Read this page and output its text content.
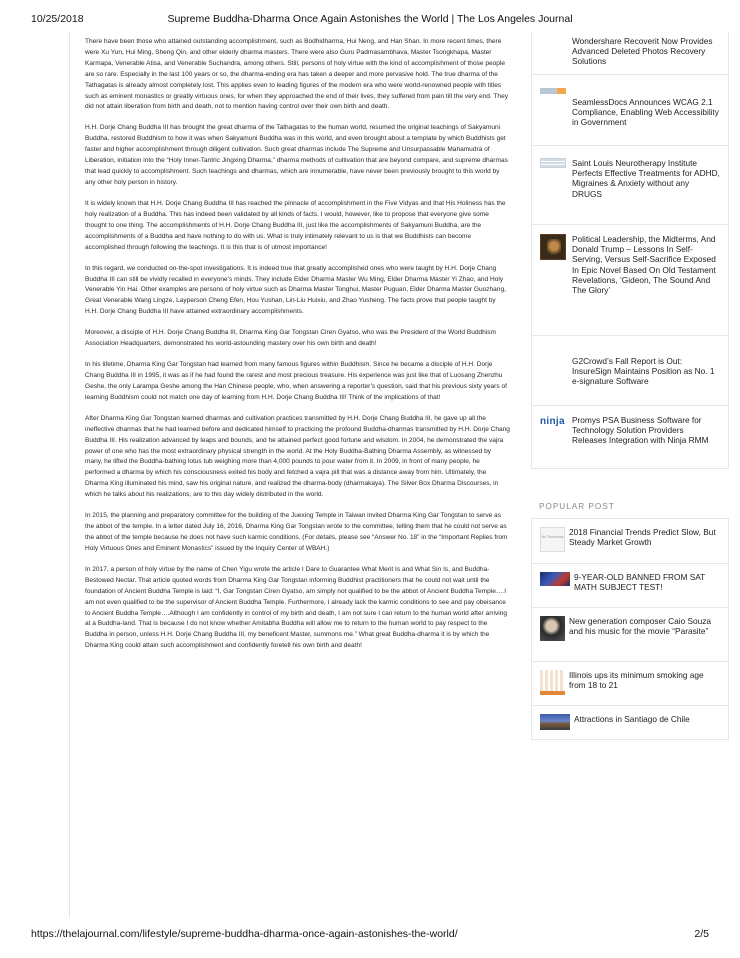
10/25/2018	Supreme Buddha-Dharma Once Again Astonishes the World | The Los Angeles Journal

There have been those who attained outstanding accomplishment, such as Bodhidharma, Hui Neng, and Han Shan. In more recent times, there were Xu Yun, Hui Ming, Sheng Qin, and other elderly dharma masters. There were also Guru Padmasambhava, Master Tsongkhapa, Master Karmapa, Venerable Atisa, and Venerable Suchandra, among others. Still, persons of holy virtue with the kind of accomplishment of those people are so rare. Especially in the last 100 years or so, the dharma-ending era has taken a deeper and more pervasive hold. The true dharma of the Tathagatas is already almost completely lost. This applies even to leading figures of the modern era who were world-renowned people with titles such as eminent monastics or greatly virtuous ones, for when they approached the end of their lives, they suffered from pain till the very end. They did not attain liberation from birth and death, not to mention having control over their own birth and death.

H.H. Dorje Chang Buddha III has brought the great dharma of the Tathagatas to the human world, resumed the original teachings of Sakyamuni Buddha, restored Buddhism to how it was when Sakyamuni Buddha was in this world, and even brought about a template by which Buddhists get faster and higher accomplishment through diligent cultivation. Such great dharmas include The Supreme and Unsurpassable Mahamudra of Liberation, initiation into the “Holy Inner-Tantric Jingxing Dharma,” dharma methods of cultivation that are beyond compare, and supreme dharmas that lead quickly to accomplishment. Such teachings and dharmas, which are innumerable, have never been previously brought to this world by any other holy person in history.

It is widely known that H.H. Dorje Chang Buddha III has reached the pinnacle of accomplishment in the Five Vidyas and that His Holiness has the holy realization of a Buddha. This has indeed been validated by all kinds of facts. I would, however, like to propose that everyone give some thought to one thing. The accomplishments of H.H. Dorje Chang Buddha III, just like the accomplishments of Sakyamuni Buddha, are the accomplishments of a Buddha and have nothing to do with us. What is truly intimately relevant to us is that we Buddhists can become accomplished through following the teachings. It is this that is of utmost importance!

In this regard, we conducted on-the-spot investigations. It is indeed true that greatly accomplished ones who were taught by H.H. Dorje Chang Buddha III can still be vividly recalled in everyone’s minds. They include Elder Dharma Master Wu Ming, Elder Dharma Master Yi Zhao, and Holy Venerable Yin Hai. Other examples are persons of holy virtue such as Dharma Master Tonghui, Master Puguan, Elder Dharma Master Guozhang, Great Venerable Wang Lingze, Layperson Cheng Efen, Hou Yushan, Lin-Liu Huixiu, and Zhao Yusheng. The facts prove that people taught by H.H. Dorje Chang Buddha III have attained extraordinary accomplishments.

Moreover, a disciple of H.H. Dorje Chang Buddha III, Dharma King Gar Tongstan Ciren Gyatso, who was the President of the World Buddhism Association Headquarters, demonstrated his world-astounding mastery over his own birth and death!

In his lifetime, Dharma King Gar Tongstan had learned from many famous figures within Buddhism. Since he became a disciple of H.H. Dorje Chang Buddha III in 1995, it was as if he had found the rarest and most precious treasure. His experience was just like that of Luosang Zhenzhu Geshe, the only Larampa Geshe among the Han Chinese people, who, when answering a reporter’s question, said that his previous sixty years of learning Buddhism could not match one day of learning from H.H. Dorje Chang Buddha III! Think of the implications of that!

After Dharma King Gar Tongstan learned dharmas and cultivation practices transmitted by H.H. Dorje Chang Buddha III, he gave up all the ineffective dharmas that he had learned before and dedicated himself to practicing the profound Buddha-dharmas transmitted by H.H. Dorje Chang Buddha III. His realization advanced by leaps and bounds, and he attained perfect good fortune and wisdom. In 2004, he demonstrated the vajra power of one who has the most extraordinary physical strength in the world. At the Holy Buddha-Bathing Dharma Assembly, as witnessed by many, he lifted the Buddha-bathing lotus tub weighing more than 4,000 pounds to pour water from it. In 2009, in front of many people, he performed a dharma by which his consciousness exited his body and fetched a vajra pill that was a distance away from him. Ultimately, the Dharma King illuminated his mind, saw his original nature, and realized the dharma-body (dharmakaya). The Silver Box Dharma Discourses, in which he talks about his realizations, are to this day widely distributed in the world.

In 2015, the planning and preparatory committee for the building of the Juexing Temple in Taiwan invited Dharma King Gar Tongstan to serve as the abbot of the temple. In a letter dated July 16, 2016, Dharma King Gar Tongstan wrote to the committee, telling them that he could not serve as the abbot of the temple because he does not have such karmic conditions. (For details, please see “Answer No. 18” in the “Important Replies from Holy Virtuous Ones and Eminent Monastics” issued by the Inquiry Center of WBAH.)

In 2017, a person of holy virtue by the name of Chen Yigu wrote the article I Dare to Guarantee What Merit Is and What Sin Is, and Buddha-Bestowed Nectar. That article quoted words from Dharma King Gar Tongstan informing Buddhist practitioners that he could not wait until the foundation of Ancient Buddha Temple is laid: “I, Gar Tongstan Ciren Gyatso, am simply not qualified to be the abbot of Ancient Buddha Temple….I am not even qualified to be the supervisor of Ancient Buddha Temple. Furthermore, I already lack the karmic conditions to see and pay obeisance to Ancient Buddha Temple….Although I am confidently in control of my birth and death, I am not sure I can return to the human world after arriving at a Buddha-land. That is because I do not know whether Amitabha Buddha will allow me to return to the human world to pay respect to the Buddha in person, unless H.H. Dorje Chang Buddha III, my beneficent Master, summons me.” What great Buddha-dharma it is by which the Dharma King could attain such accomplishment and confidently foretell his own birth and death!

Wondershare Recoverit Now Provides Advanced Deleted Photos Recovery Solutions
SeamlessDocs Announces WCAG 2.1 Compliance, Enabling Web Accessibility in Government
Saint Louis Neurotherapy Institute Perfects Effective Treatments for ADHD, Migraines & Anxiety without any DRUGS
Political Leadership, the Midterms, And Donald Trump – Lessons In Self-Serving, Versus Self-Sacrifice Exposed In Epic Novel Based On Old Testament Revelations, ‘Gideon, The Sound And The Glory’
G2Crowd’s Fall Report is Out: InsureSign Maintains Position as No. 1 e-signature Software
ninja Promys PSA Business Software for Technology Solution Providers Releases Integration with Ninja RMM
POPULAR POST
No Thumbnail 2018 Financial Trends Predict Slow, But Steady Market Growth
9-YEAR-OLD BANNED FROM SAT MATH SUBJECT TEST!
New generation composer Caio Souza and his music for the movie “Parasite”
Illinois ups its minimum smoking age from 18 to 21
Attractions in Santiago de Chile
https://thelajournal.com/lifestyle/supreme-buddha-dharma-once-again-astonishes-the-world/	2/5
